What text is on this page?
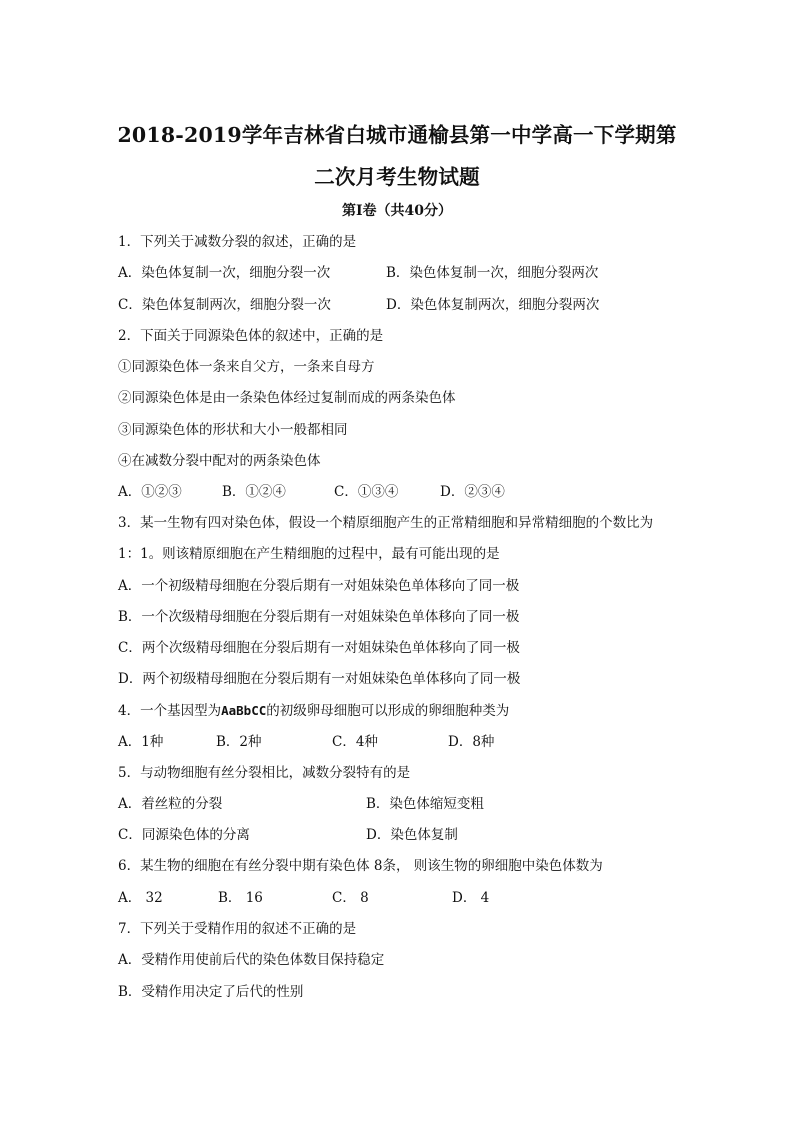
2018-2019学年吉林省白城市通榆县第一中学高一下学期第
二次月考生物试题
第Ⅰ卷（共40分）
1．下列关于减数分裂的叙述，正确的是
A．染色体复制一次，细胞分裂一次	B．染色体复制一次，细胞分裂两次
C．染色体复制两次，细胞分裂一次	D．染色体复制两次，细胞分裂两次
2．下面关于同源染色体的叙述中，正确的是
①同源染色体一条来自父方，一条来自母方
②同源染色体是由一条染色体经过复制而成的两条染色体
③同源染色体的形状和大小一般都相同
④在减数分裂中配对的两条染色体
A．①②③	B．①②④	C．①③④	D．②③④
3．某一生物有四对染色体，假设一个精原细胞产生的正常精细胞和异常精细胞的个数比为
1：1。则该精原细胞在产生精细胞的过程中，最有可能出现的是
A．一个初级精母细胞在分裂后期有一对姐妹染色单体移向了同一极
B．一个次级精母细胞在分裂后期有一对姐妹染色单体移向了同一极
C．两个次级精母细胞在分裂后期有一对姐妹染色单体移向了同一极
D．两个初级精母细胞在分裂后期有一对姐妹染色单体移向了同一极
4．一个基因型为AaBbCC的初级卵母细胞可以形成的卵细胞种类为
A．1种	B．2种	C．4种	D．8种
5．与动物细胞有丝分裂相比，减数分裂特有的是
A．着丝粒的分裂	B．染色体缩短变粗
C．同源染色体的分离	D．染色体复制
6．某生物的细胞在有丝分裂中期有染色体 8条， 则该生物的卵细胞中染色体数为
A． 32	B． 16	C． 8	D． 4
7．下列关于受精作用的叙述不正确的是
A．受精作用使前后代的染色体数目保持稳定
B．受精作用决定了后代的性别
